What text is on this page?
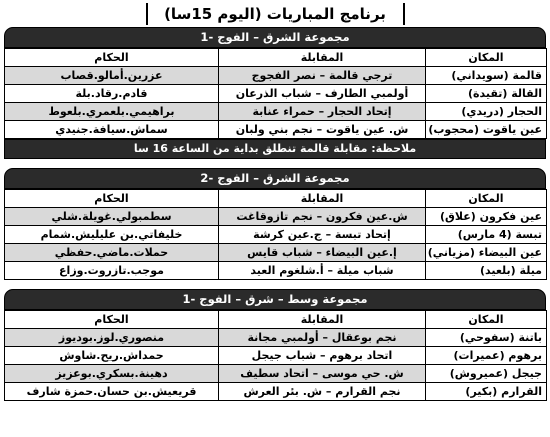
برنامج المباريات (اليوم 15سا)
مجموعة الشرق – الفوج -1
المكان	المقابلة	الحكام
قالمة (سويداني)	ترجي قالمة – نصر الفجوج	عزرين.أمالو.قصاب
القالة (تقيدة)	أولمبي الطارف – شباب الذرعان	قادم.رقاد.بلة
الحجار (دريدي)	إتحاد الحجار – حمراء عنابة	براهيمي.بلعمري.بلعوط
عين ياقوت (محجوب)	ش. عين ياقوت – نجم بني ولبان	سماش.سيافة.جنيدي
ملاحظة: مقابلة قالمة تنطلق بداية من الساعة 16 سا
مجموعة الشرق – الفوج -2
المكان	المقابلة	الحكام
عين فكرون (علاق)	ش.عين فكرون – نجم تازوقاغت	سطمبولي.غويلة.شلي
تبسة (4 مارس)	إتحاد تبسة – ج.عين كرشة	خليفاتي.بن عليليش.شمام
عين البيضاء (مزياني)	إ.عين البيضاء – شباب قايس	حملات.ماضي.حفظي
ميلة (بلعيد)	شباب ميلة – أ.شلغوم العيد	موجب.تازروت.وزاع
مجموعة وسط – شرق – الفوج -1
المكان	المقابلة	الحكام
باتنة (سفوحي)	نجم بوعقال – أولمبي مجانة	منصوري.لوز.بوديوز
برهوم (عميرات)	اتحاد برهوم – شباب جيجل	حمداش.ريح.شاوش
جيجل (عميروش)	ش. حي موسى – اتحاد سطيف	دهينة.بسكري.بوعزيز
القرارم (بكير)	نجم القرارم – ش. بئر العرش	قريعيش.بن حسان.حمزة شارف
